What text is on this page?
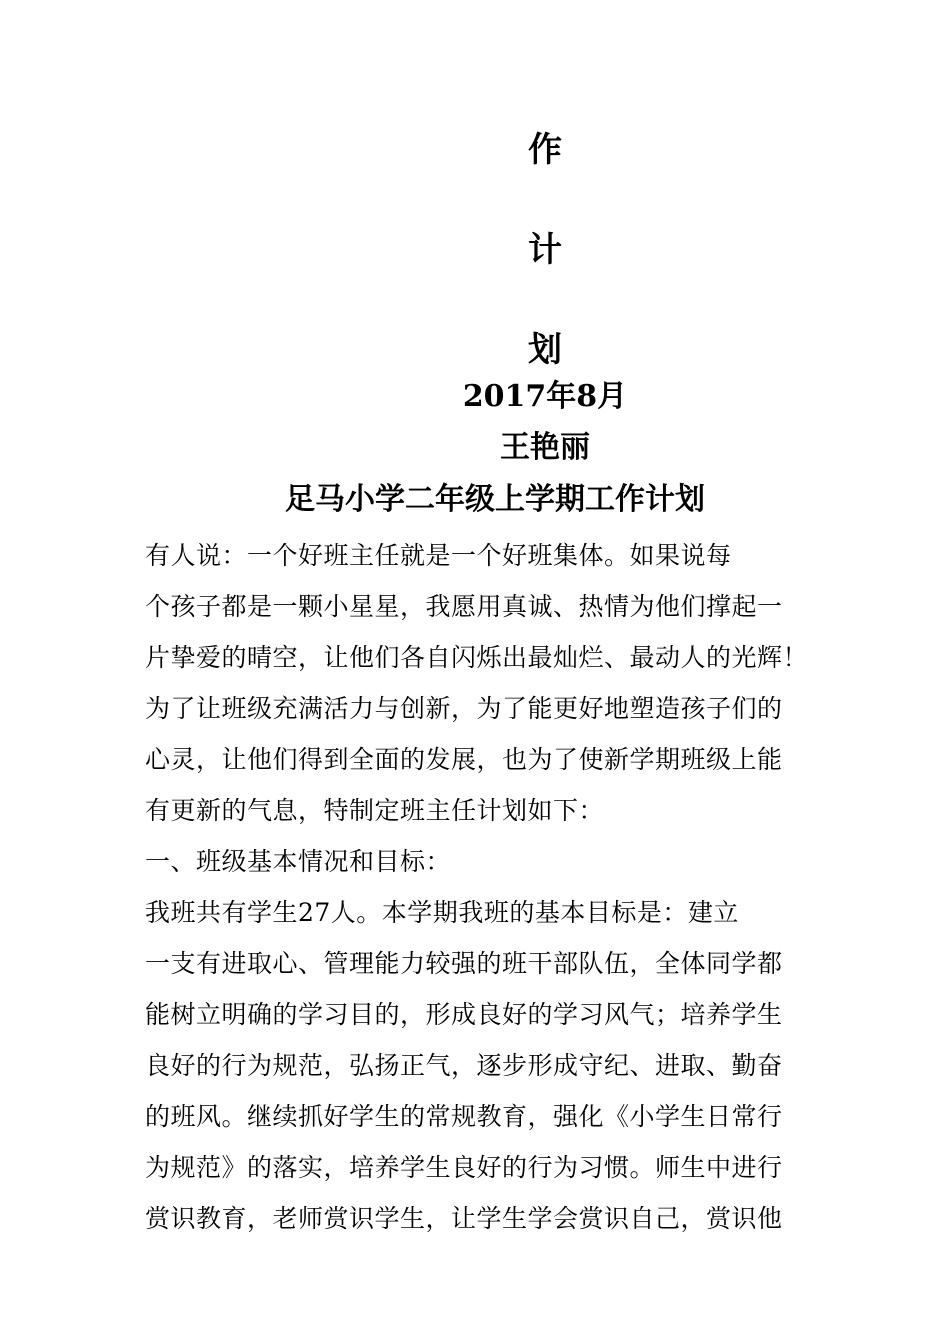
作
计
划
2017年8月
王艳丽
足马小学二年级上学期工作计划
有人说：一个好班主任就是一个好班集体。如果说每
个孩子都是一颗小星星，我愿用真诚、热情为他们撑起一
片挚爱的晴空，让他们各自闪烁出最灿烂、最动人的光辉！
为了让班级充满活力与创新，为了能更好地塑造孩子们的
心灵，让他们得到全面的发展，也为了使新学期班级上能
有更新的气息，特制定班主任计划如下：
一、班级基本情况和目标：
我班共有学生27人。本学期我班的基本目标是：建立
一支有进取心、管理能力较强的班干部队伍，全体同学都
能树立明确的学习目的，形成良好的学习风气；培养学生
良好的行为规范，弘扬正气，逐步形成守纪、进取、勤奋
的班风。继续抓好学生的常规教育，强化《小学生日常行
为规范》的落实，培养学生良好的行为习惯。师生中进行
赏识教育，老师赏识学生，让学生学会赏识自己，赏识他
